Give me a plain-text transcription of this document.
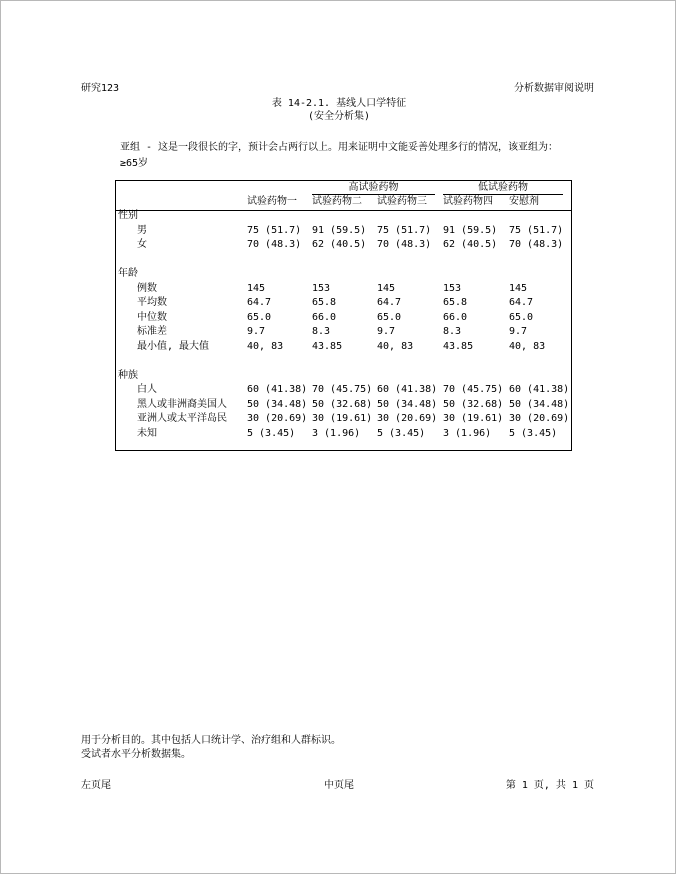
研究123	分析数据审阅说明
表 14-2.1. 基线人口学特征
(安全分析集)
亚组 - 这是一段很长的字，预计会占两行以上。用来证明中文能妥善处理多行的情况，该亚组为： ≥65岁
高试验药物	低试验药物
试验药物一 试验药物二 试验药物三 试验药物四 安慰剂
性别
男	75 (51.7) 91 (59.5) 75 (51.7) 91 (59.5) 75 (51.7)
女	70 (48.3) 62 (40.5) 70 (48.3) 62 (40.5) 70 (48.3)
年龄
例数	145	153	145	153	145
平均数	64.7	65.8	64.7	65.8	64.7
中位数	65.0	66.0	65.0	66.0	65.0
标准差	9.7	8.3	9.7	8.3	9.7
最小值, 最大值	40, 83	43.85	40, 83	43.85	40, 83
种族
白人	60 (41.38) 70 (45.75) 60 (41.38) 70 (45.75) 60 (41.38)
黑人或非洲裔美国人 50 (34.48) 50 (32.68) 50 (34.48) 50 (32.68) 50 (34.48)
亚洲人或太平洋岛民 30 (20.69) 30 (19.61) 30 (20.69) 30 (19.61) 30 (20.69)
未知	5 (3.45) 3 (1.96) 5 (3.45) 3 (1.96) 5 (3.45)
用于分析目的。其中包括人口统计学、治疗组和人群标识。
受试者水平分析数据集。
左页尾	中页尾	第 1 页, 共 1 页
